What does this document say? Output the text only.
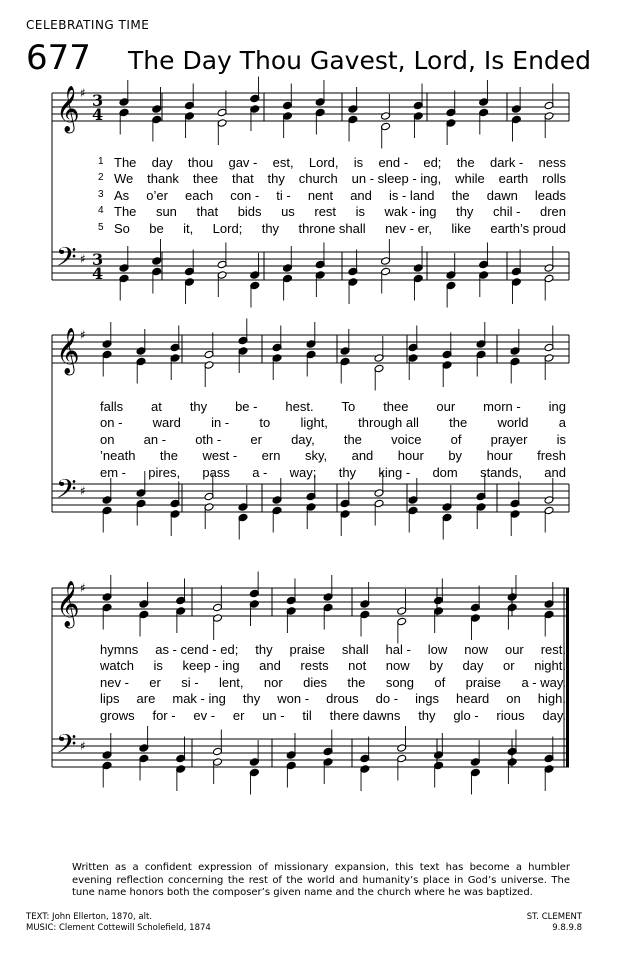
CELEBRATING TIME
677 The Day Thou Gavest, Lord, Is Ended
𝄞 ♯ 3
4
𝄢 ♯ 3
4
1 The day thou gav - est, Lord, is end - ed; the dark - ness
2 We thank thee that thy church un - sleep - ing, while earth rolls
3 As o’er each con - ti - nent and is - land the dawn leads
4 The sun that bids us rest is wak - ing thy chil - dren
5 So be it, Lord; thy throne shall nev - er, like earth’s proud
𝄞 ♯
𝄢 ♯
falls at thy be - hest. To thee our morn - ing
on - ward in - to light, through all the world a
on an - oth - er day, the voice of prayer is
’neath the west - ern sky, and hour by hour fresh
em - pires, pass a - way; thy king - dom stands, and
𝄞 ♯
𝄢 ♯
hymns as - cend - ed; thy praise shall hal - low now our rest.
watch is keep - ing and rests not now by day or night.
nev - er si - lent, nor dies the song of praise a - way.
lips are mak - ing thy won - drous do - ings heard on high.
grows for - ev - er un - til there dawns thy glo - rious day.
Written as a confident expression of missionary expansion, this text has become a humbler evening reflection concerning the rest of the world and humanity’s place in God’s universe. The tune name honors both the composer’s given name and the church where he was baptized.
TEXT: John Ellerton, 1870, alt.
MUSIC: Clement Cottewill Scholefield, 1874
ST. CLEMENT
9.8.9.8
